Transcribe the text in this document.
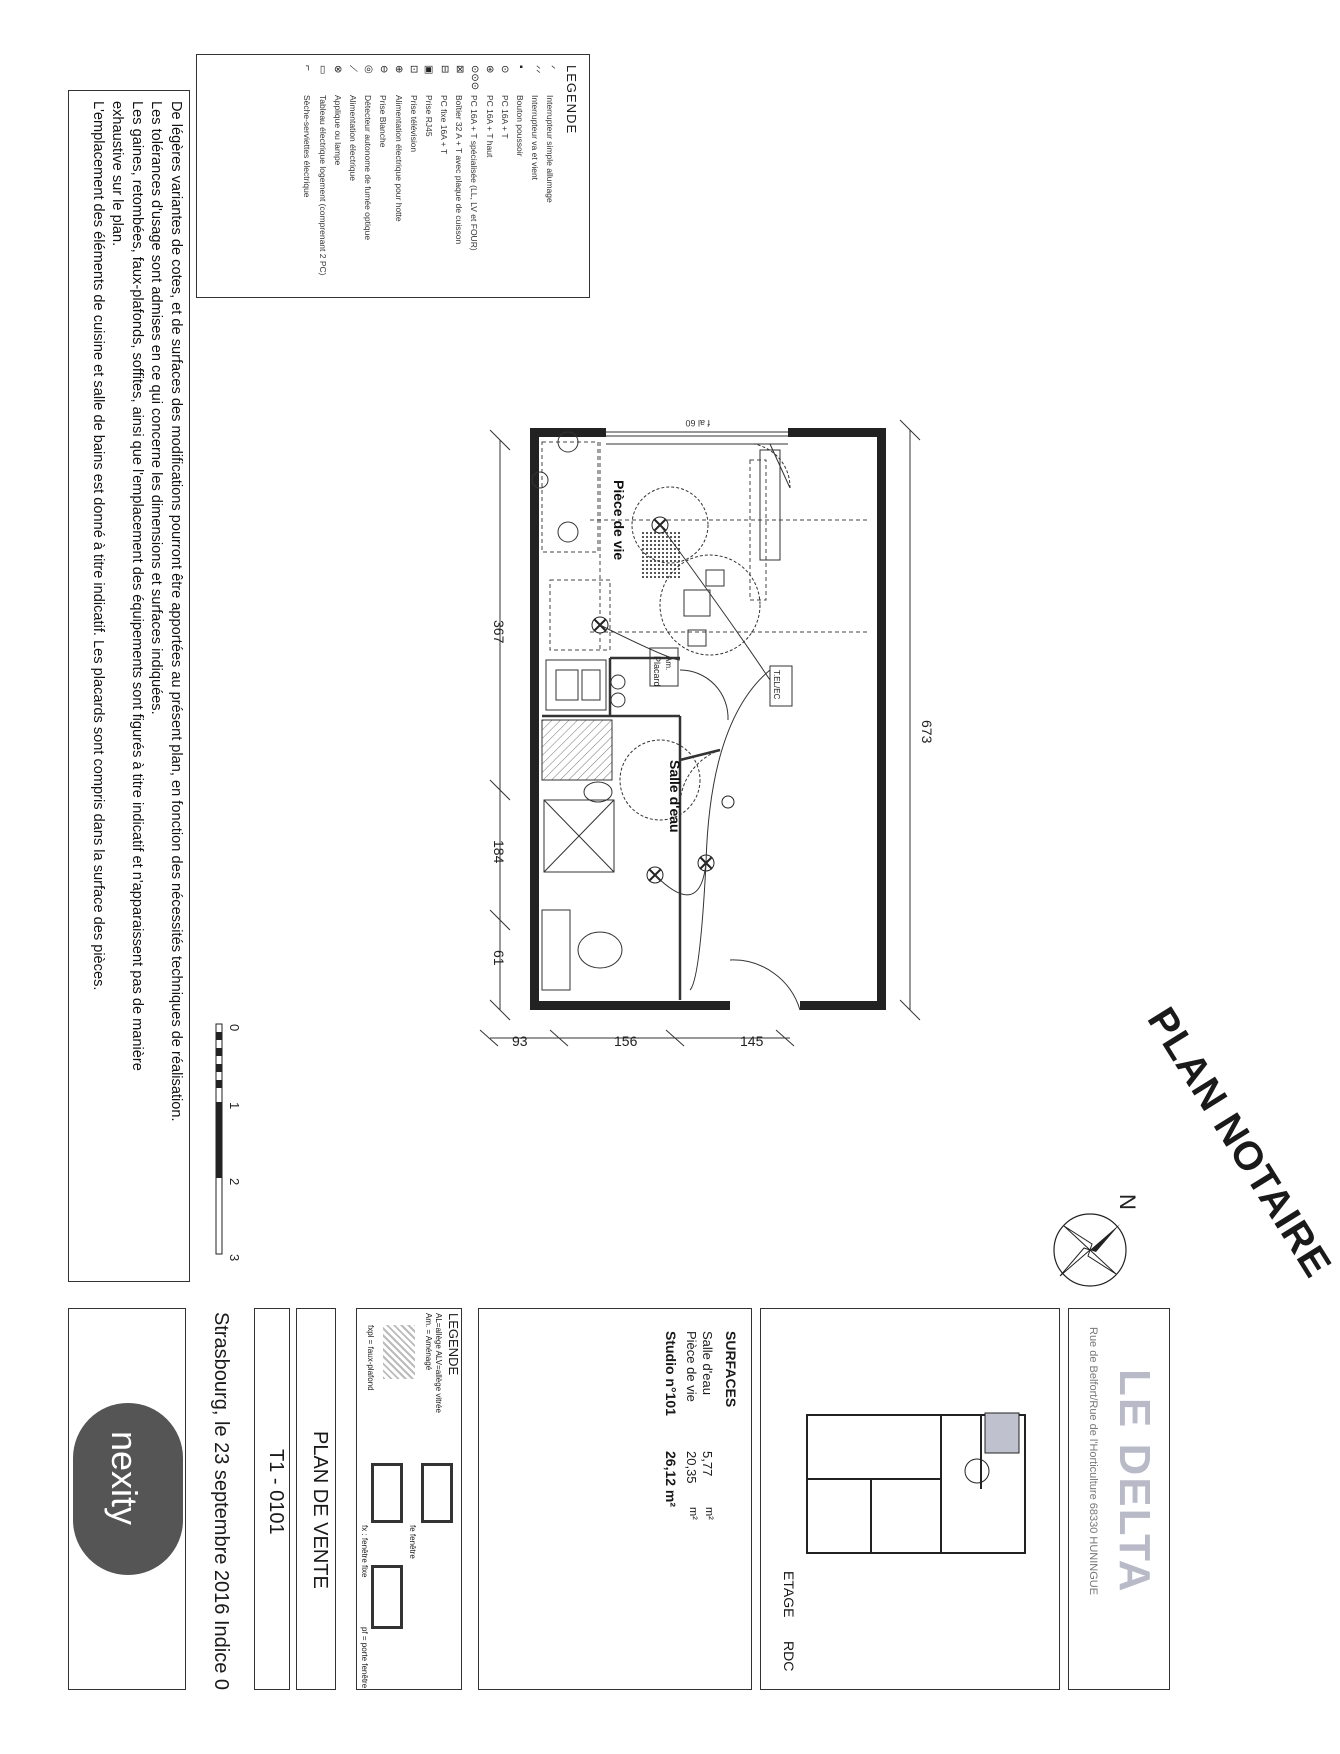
LEGENDE
ᐟ
Interrupteur simple allumage
ᐟᐟ
Interrupteur va et vient
▪
Bouton poussoir
⊙
PC 16A + T
⊛
PC 16A + T haut
⊙⊙⊙
PC 16A + T spécialisée (LL, LV et FOUR)
⊠
Boîtier 32 A + T avec plaque de cuisson
⊟
PC fixe 16A + T
▣
Prise RJ45
⊡
Prise télévision
⊕
Alimentation électrique pour hotte
⊖
Prise Blanche
◎
Détecteur autonome de fumée optique
⟋
Alimentation électrique
⊗
Applique ou lampe
▭
Tableau électrique logement (comprenant 2 PC)
⌐
Sèche-serviettes électrique
De légères variantes de cotes, et de surfaces des modifications pourront être apportées au présent plan, en fonction des nécessités techniques de réalisation.
Les tolérances d'usage sont admises en ce qui concerne les dimensions et surfaces indiquées.
Les gaines, retombées, faux-plafonds, soffites, ainsi que l'emplacement des équipements sont figurés à titre indicatif et n'apparaissent pas de manière
exhaustive sur le plan.
L'emplacement des éléments de cuisine et salle de bains est donné à titre indicatif. Les placards sont compris dans la surface des pièces.	f al 60
Placard Am.
T.EL/EC
Pièce de vie
Salle d'eau
673
367
184
61
93	156	145
0
1
2
3	PLAN NOTAIRE
N
nexity	Strasbourg, le 23 septembre 2016 Indice 0 T1 - 0101 PLAN DE VENTE
LEGENDE
AL=allège ALV=allège vitrée
Am. = Aménagé
fxpl = faux-plafond
fe fenêtre
fx : fenêtre fixe
pf = porte fenêtre
SURFACES
Salle d'eau
5,77
m²
Pièce de vie
20,35
m²
Studio n°101
26,12 m²
ETAGE
RDC
LE DELTA
Rue de Belfort/Rue de l'Horticulture 68330 HUNINGUE
